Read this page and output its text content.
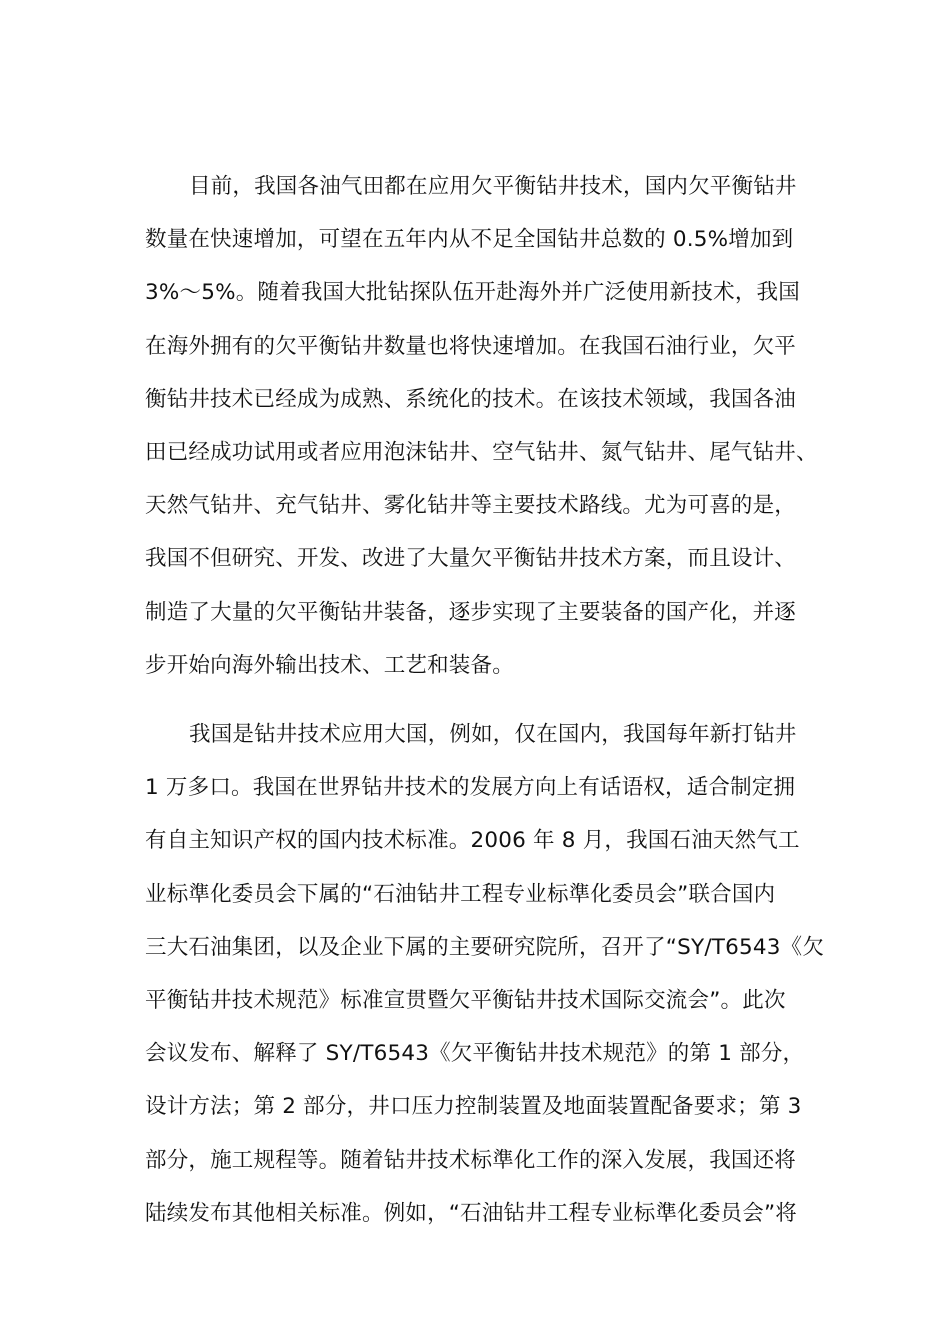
目前，我国各油气田都在应用欠平衡钻井技术，国内欠平衡钻井
数量在快速增加，可望在五年内从不足全国钻井总数的 0.5%增加到
3%～5%。随着我国大批钻探队伍开赴海外并广泛使用新技术，我国
在海外拥有的欠平衡钻井数量也将快速增加。在我国石油行业，欠平
衡钻井技术已经成为成熟、系统化的技术。在该技术领域，我国各油
田已经成功试用或者应用泡沫钻井、空气钻井、氮气钻井、尾气钻井、
天然气钻井、充气钻井、雾化钻井等主要技术路线。尤为可喜的是，
我国不但研究、开发、改进了大量欠平衡钻井技术方案，而且设计、
制造了大量的欠平衡钻井装备，逐步实现了主要装备的国产化，并逐
步开始向海外输出技术、工艺和装备。
我国是钻井技术应用大国，例如，仅在国内，我国每年新打钻井
1 万多口。我国在世界钻井技术的发展方向上有话语权，适合制定拥
有自主知识产权的国内技术标准。2006 年 8 月，我国石油天然气工
业标準化委员会下属的“石油钻井工程专业标準化委员会”联合国内
三大石油集团，以及企业下属的主要研究院所，召开了“SY/T6543《欠
平衡钻井技术规范》标准宣贯暨欠平衡钻井技术国际交流会”。此次
会议发布、解释了 SY/T6543《欠平衡钻井技术规范》的第 1 部分，
设计方法；第 2 部分，井口压力控制装置及地面装置配备要求；第 3
部分，施工规程等。随着钻井技术标準化工作的深入发展，我国还将
陆续发布其他相关标准。例如，“石油钻井工程专业标準化委员会”将
